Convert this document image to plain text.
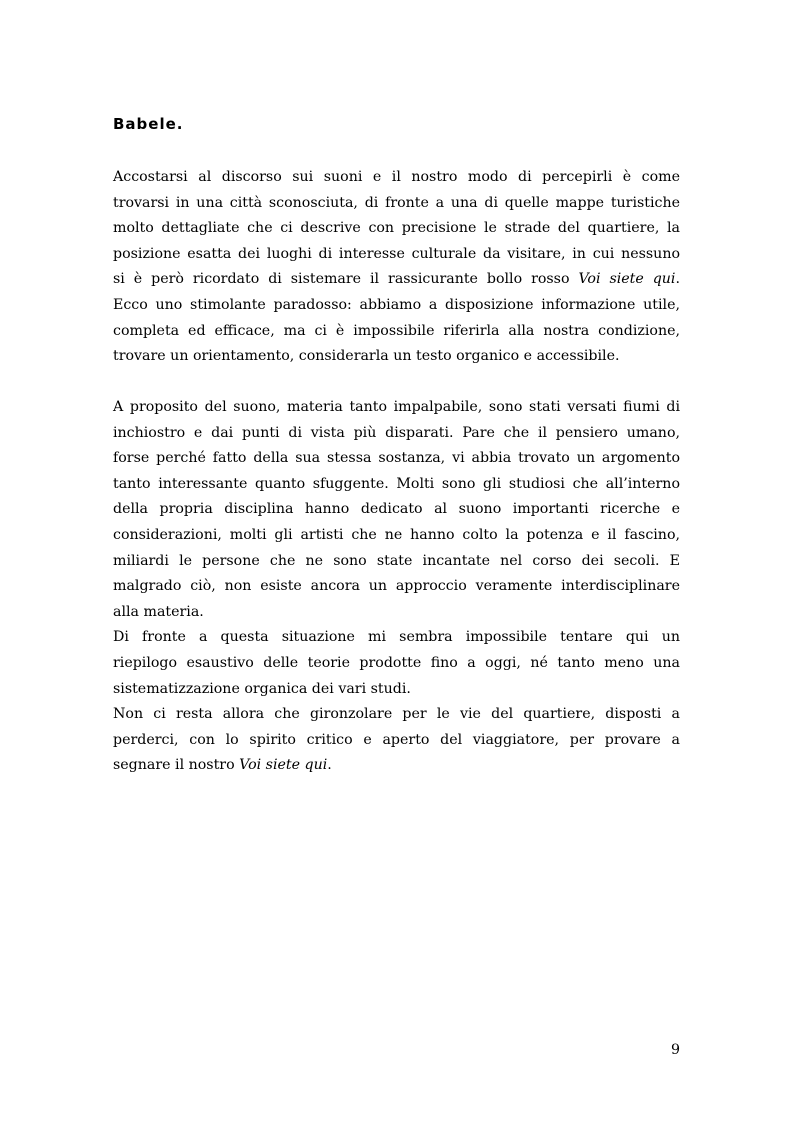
Babele.
Accostarsi al discorso sui suoni e il nostro modo di percepirli è come
trovarsi in una città sconosciuta, di fronte a una di quelle mappe turistiche
molto dettagliate che ci descrive con precisione le strade del quartiere, la
posizione esatta dei luoghi di interesse culturale da visitare, in cui nessuno
si è però ricordato di sistemare il rassicurante bollo rosso Voi siete qui.
Ecco uno stimolante paradosso: abbiamo a disposizione informazione utile,
completa ed efficace, ma ci è impossibile riferirla alla nostra condizione,
trovare un orientamento, considerarla un testo organico e accessibile.
A proposito del suono, materia tanto impalpabile, sono stati versati fiumi di
inchiostro e dai punti di vista più disparati. Pare che il pensiero umano,
forse perché fatto della sua stessa sostanza, vi abbia trovato un argomento
tanto interessante quanto sfuggente. Molti sono gli studiosi che all’interno
della propria disciplina hanno dedicato al suono importanti ricerche e
considerazioni, molti gli artisti che ne hanno colto la potenza e il fascino,
miliardi le persone che ne sono state incantate nel corso dei secoli. E
malgrado ciò, non esiste ancora un approccio veramente interdisciplinare
alla materia.
Di fronte a questa situazione mi sembra impossibile tentare qui un
riepilogo esaustivo delle teorie prodotte fino a oggi, né tanto meno una
sistematizzazione organica dei vari studi.
Non ci resta allora che gironzolare per le vie del quartiere, disposti a
perderci, con lo spirito critico e aperto del viaggiatore, per provare a
segnare il nostro Voi siete qui.
9
